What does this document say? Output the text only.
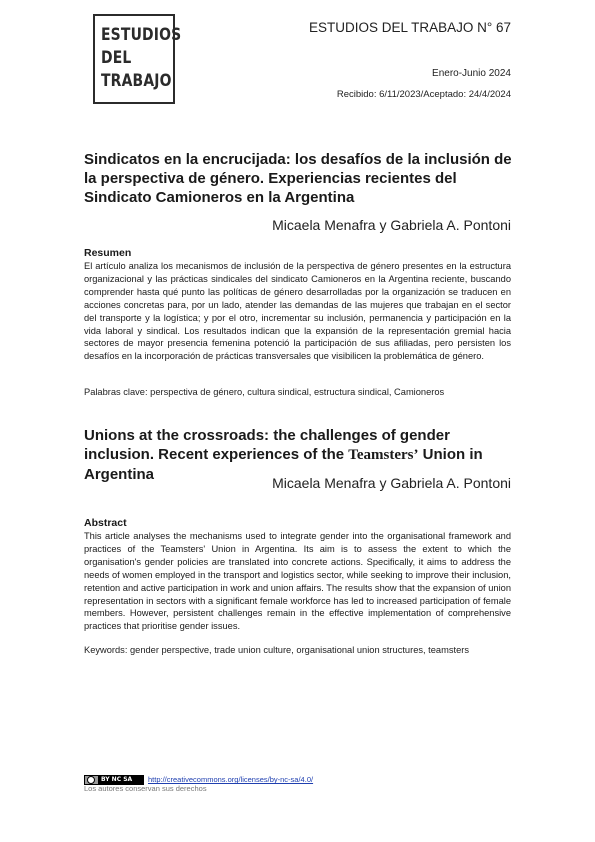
ESTUDIOS
DEL
TRABAJO
ESTUDIOS DEL TRABAJO N° 67
Enero-Junio 2024
Recibido: 6/11/2023/Aceptado: 24/4/2024
Sindicatos en la encrucijada: los desafíos de la inclusión de la perspectiva de género. Experiencias recientes del Sindicato Camioneros en la Argentina
Micaela Menafra y Gabriela A. Pontoni
Resumen

El artículo analiza los mecanismos de inclusión de la perspectiva de género presentes en la estructura organizacional y las prácticas sindicales del sindicato Camioneros en la Argentina reciente, buscando comprender hasta qué punto las políticas de género desarrolladas por la organización se traducen en acciones concretas para, por un lado, atender las demandas de las mujeres que trabajan en el sector del transporte y la logística; y por el otro, incrementar su inclusión, permanencia y participación en la vida laboral y sindical. Los resultados indican que la expansión de la representación gremial hacia sectores de mayor presencia femenina potenció la participación de sus afiliadas, pero persisten los desafíos en la incorporación de prácticas transversales que visibilicen la problemática de género.

Palabras clave: perspectiva de género, cultura sindical, estructura sindical, Camioneros
Unions at the crossroads: the challenges of gender inclusion. Recent experiences of the Teamsters’ Union in Argentina	Micaela Menafra y Gabriela A. Pontoni
Abstract

This article analyses the mechanisms used to integrate gender into the organisational framework and practices of the Teamsters' Union in Argentina. Its aim is to assess the extent to which the organisation's gender policies are translated into concrete actions. Specifically, it aims to address the needs of women employed in the transport and logistics sector, while seeking to improve their inclusion, retention and active participation in work and union affairs. The results show that the expansion of union representation in sectors with a significant female workforce has led to increased participation of female members. However, persistent challenges remain in the effective implementation of comprehensive practices that prioritise gender issues.

Keywords: gender perspective, trade union culture, organisational union structures, teamsters
BY NC SA http://creativecommons.org/licenses/by-nc-sa/4.0/
Los autores conservan sus derechos
